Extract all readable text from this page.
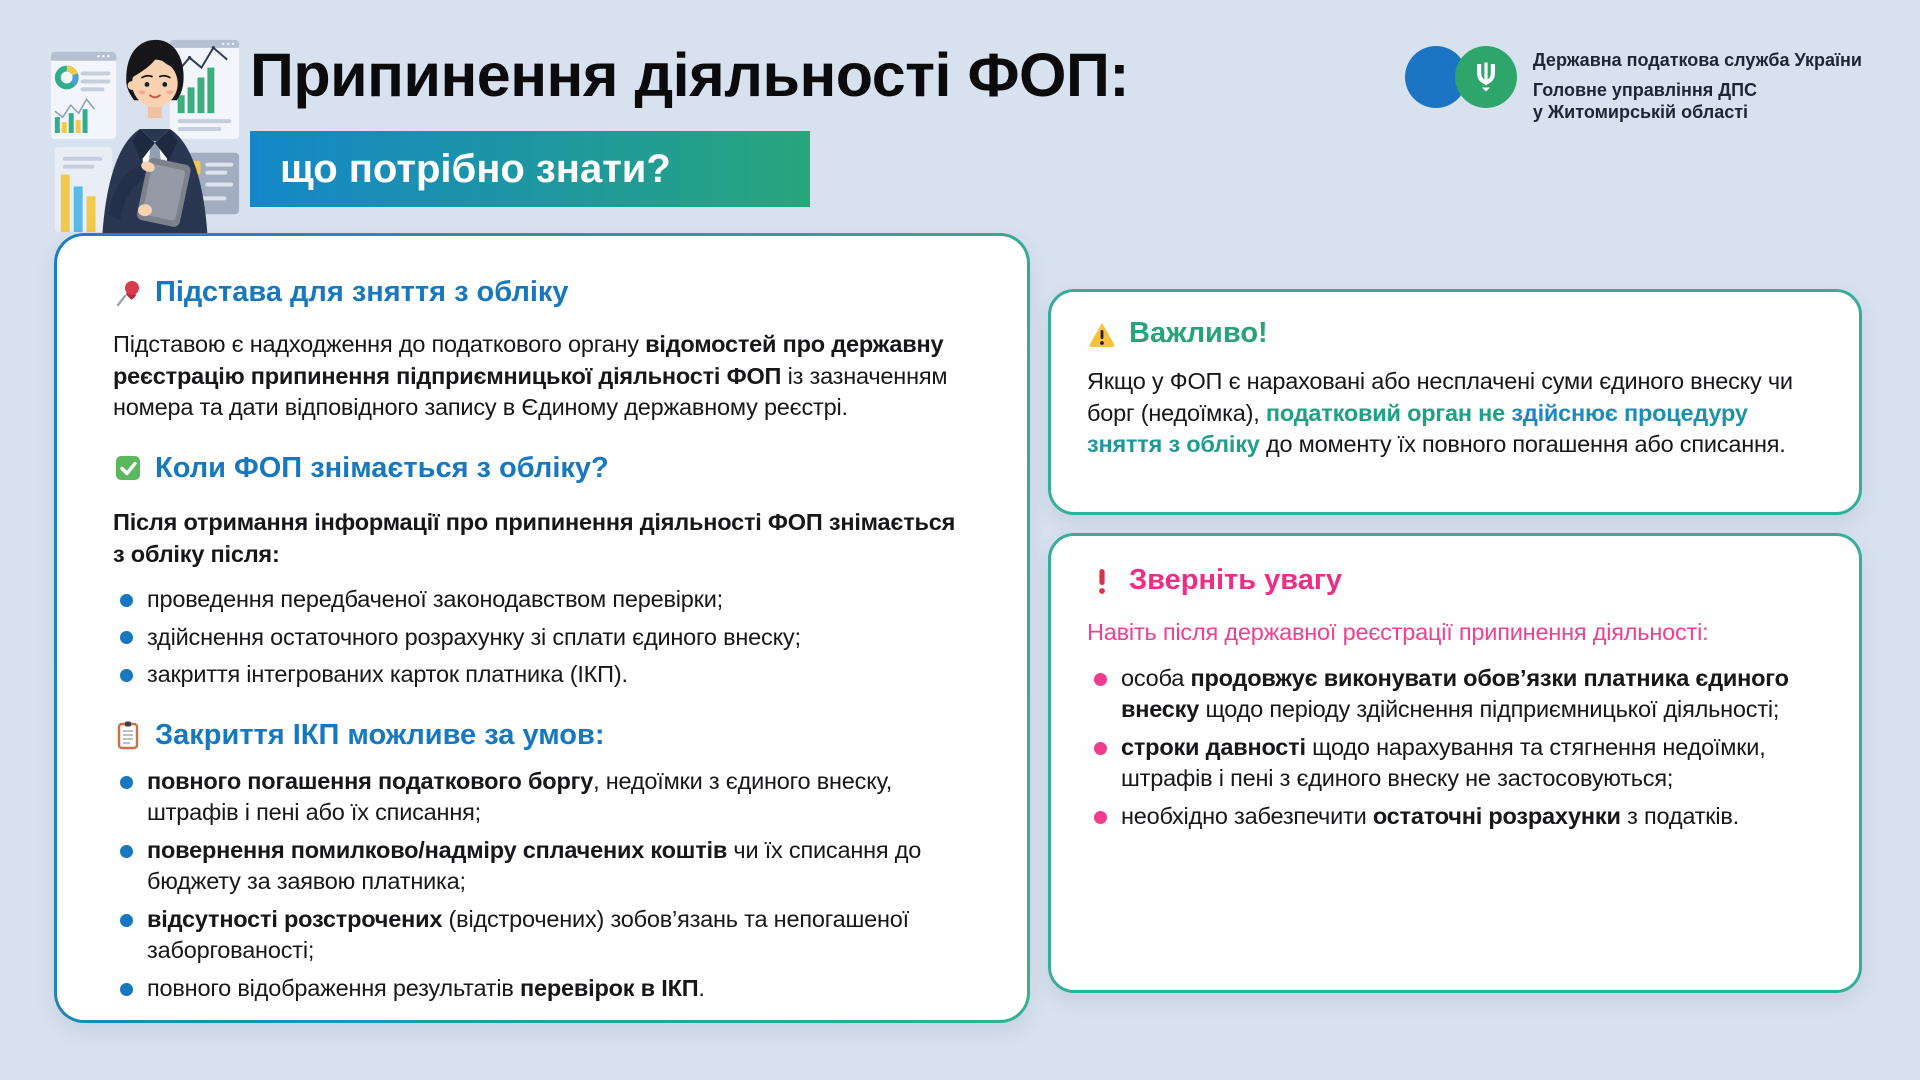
Припинення діяльності ФОП:
що потрібно знати?
Державна податкова служба України
Головне управління ДПС
у Житомирській області
Підстава для зняття з обліку

Підставою є надходження до податкового органу відомостей про державну реєстрацію припинення підприємницької діяльності ФОП із зазначенням номера та дати відповідного запису в Єдиному державному реєстрі.

Коли ФОП знімається з обліку?

Після отримання інформації про припинення діяльності ФОП знімається з обліку після:

проведення передбаченої законодавством перевірки;
здійснення остаточного розрахунку зі сплати єдиного внеску;
закриття інтегрованих карток платника (ІКП).
Закриття ІКП можливе за умов:
повного погашення податкового боргу, недоїмки з єдиного внеску, штрафів і пені або їх списання;
повернення помилково/надміру сплачених коштів чи їх списання до бюджету за заявою платника;
відсутності розстрочених (відстрочених) зобов’язань та непогашеної заборгованості;
повного відображення результатів перевірок в ІКП.
Важливо!

Якщо у ФОП є нараховані або несплачені суми єдиного внеску чи борг (недоїмка), податковий орган не здійснює процедуру зняття з обліку до моменту їх повного погашення або списання.

Зверніть увагу

Навіть після державної реєстрації припинення діяльності:

особа продовжує виконувати обов’язки платника єдиного внеску щодо періоду здійснення підприємницької діяльності;
строки давності щодо нарахування та стягнення недоїмки, штрафів і пені з єдиного внеску не застосовуються;
необхідно забезпечити остаточні розрахунки з податків.
